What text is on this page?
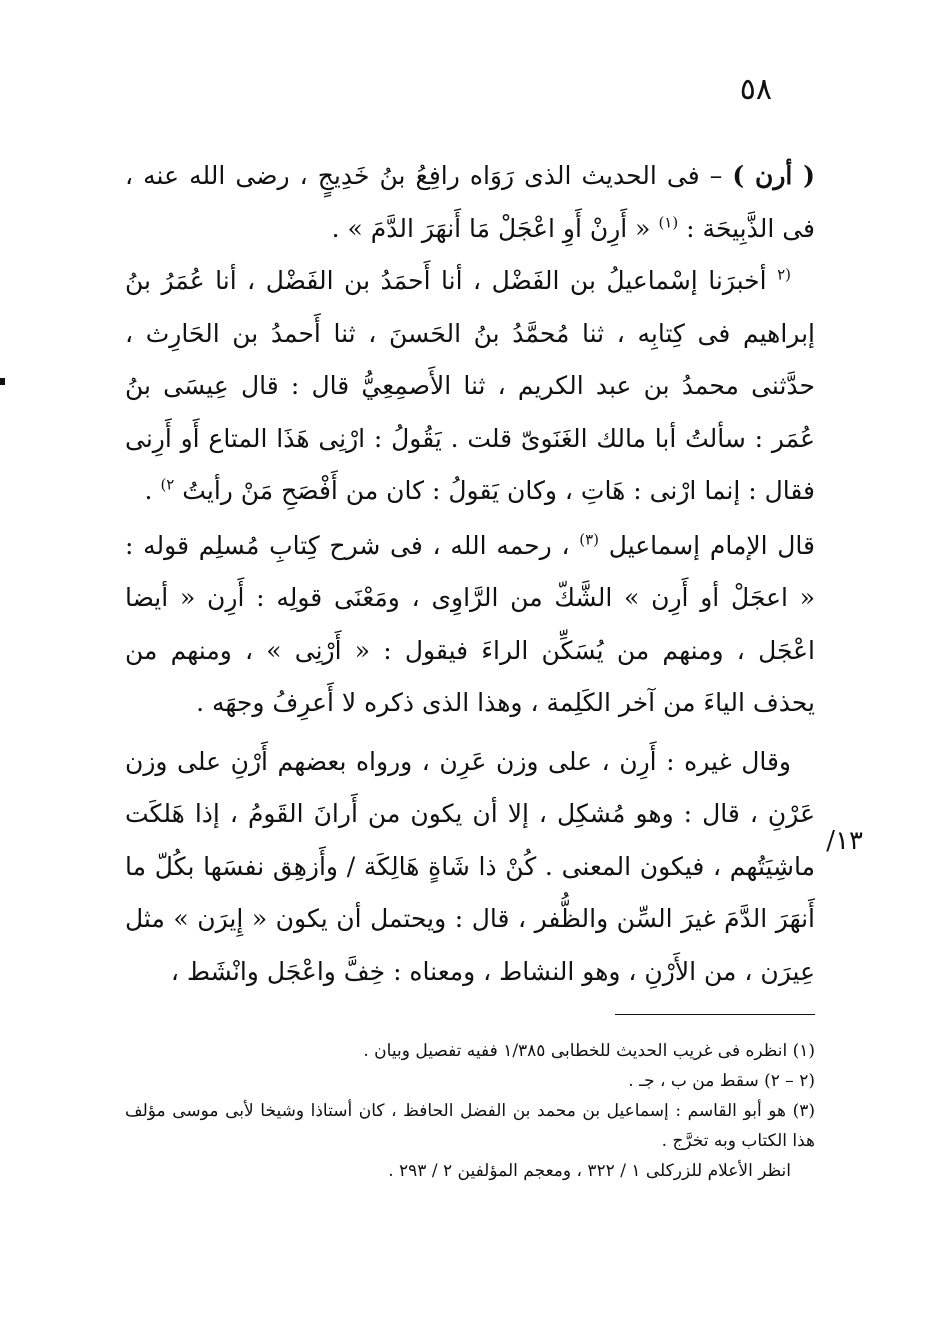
٥٨
١٣/

( أرن ) – فى الحديث الذى رَوَاه رافِعُ بنُ خَدِيجٍ ، رضى الله عنه ، فى الذَّبِيحَة : $^{(١)}$ « أَرِنْ أَوِ اعْجَلْ مَا أَنهَرَ الدَّمَ » .

$^{(٢}$ أخبرَنا إسْماعيلُ بن الفَضْل ، أنا أَحمَدُ بن الفَضْل ، أنا عُمَرُ بنُ إبراهيم فى كِتابِه ، ثنا مُحمَّدُ بنُ الحَسنَ ، ثنا أَحمدُ بن الحَارِث ، حدَّثنى محمدُ بن عبد الكريم ، ثنا الأَصمِعِيُّ قال : قال عِيسَى بنُ عُمَر : سألتُ أبا مالك الغَنَوىّ قلت . يَقُولُ : ارْنِى هَذَا المتاع أَو أَرِنى فقال : إنما ارْنى : هَاتِ ، وكان يَقولُ : كان من أَفْصَحِ مَنْ رأيتُ $^{٢)}$ .

قال الإمام إسماعيل $^{(٣)}$ ، رحمه الله ، فى شرح كِتابِ مُسلِم قوله : « اعجَلْ أو أَرِن » الشَّكّ من الرَّاوِى ، ومَعْنَى قولِه : أَرِن « أيضا اعْجَل ، ومنهم من يُسَكِّن الراءَ فيقول : « أَرْنِى » ، ومنهم من يحذف الياءَ من آخر الكَلِمة ، وهذا الذى ذكره لا أَعرِفُ وجهَه .

وقال غيره : أَرِن ، على وزن عَرِن ، ورواه بعضهم أَرْنِ على وزن عَرْنِ ، قال : وهو مُشكِل ، إلا أن يكون من أَرانَ القَومُ ، إذا هَلكَت ماشِيَتُهم ، فيكون المعنى . كُنْ ذا شَاةٍ هَالِكَة / وأَزهِق نفسَها بكُلّ ما أَنهَرَ الدَّمَ غيرَ السِّن والظُّفر ، قال : ويحتمل أن يكون « إِيرَن » مثل عِيرَن ، من الأَرْنِ ، وهو النشاط ، ومعناه : خِفَّ واعْجَل وانْشَط ،

(١) انظره فى غريب الحديث للخطابى ١/٣٨٥ ففيه تفصيل وبيان .

(٢ – ٢) سقط من ب ، جـ .

(٣) هو أبو القاسم : إسماعيل بن محمد بن الفضل الحافظ ، كان أستاذا وشيخا لأبى موسى مؤلف هذا الكتاب وبه تخرَّج .

انظر الأعلام للزركلى ١ / ٣٢٢ ، ومعجم المؤلفين ٢ / ٢٩٣ .
